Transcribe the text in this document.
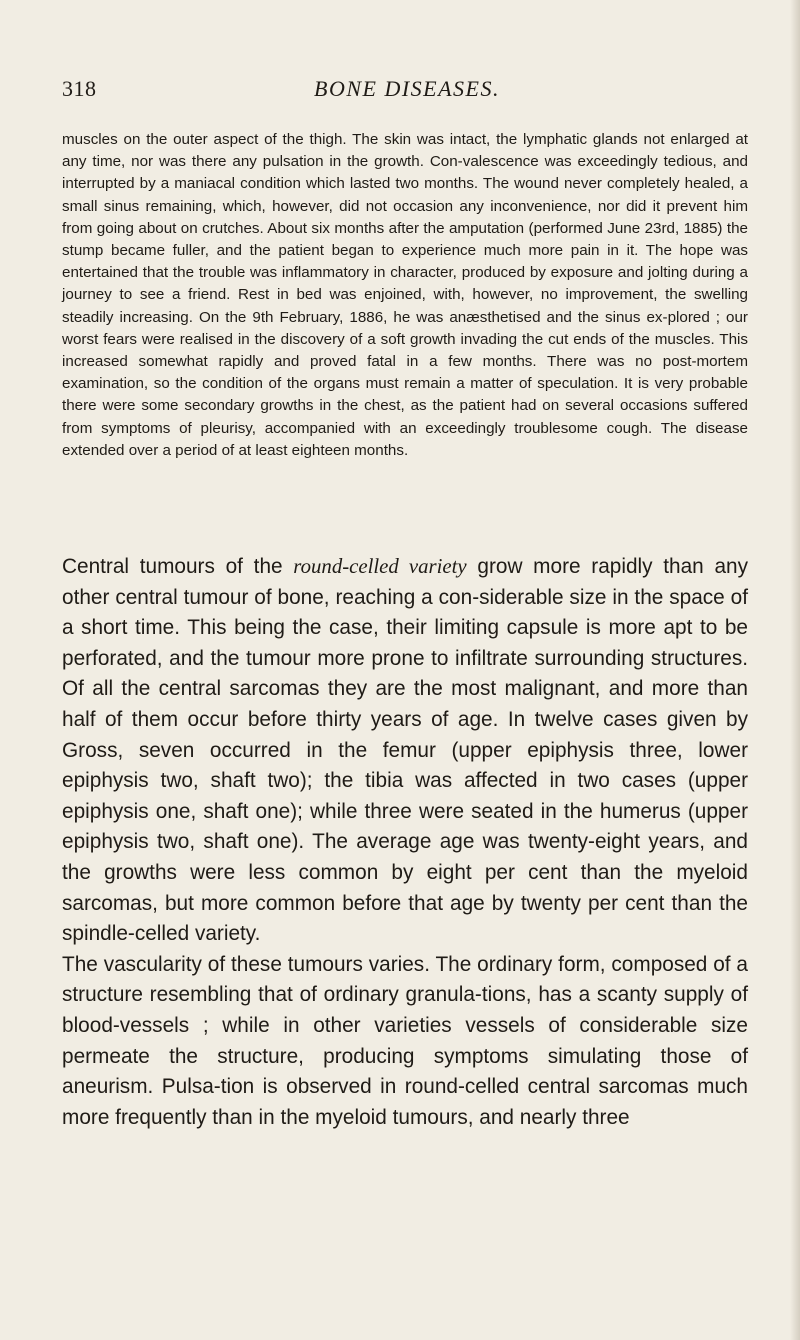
318	BONE DISEASES.

muscles on the outer aspect of the thigh. The skin was intact, the lymphatic glands not enlarged at any time, nor was there any pulsation in the growth. Con-valescence was exceedingly tedious, and interrupted by a maniacal condition which lasted two months. The wound never completely healed, a small sinus remaining, which, however, did not occasion any inconvenience, nor did it prevent him from going about on crutches. About six months after the amputation (performed June 23rd, 1885) the stump became fuller, and the patient began to experience much more pain in it. The hope was entertained that the trouble was inflammatory in character, produced by exposure and jolting during a journey to see a friend. Rest in bed was enjoined, with, however, no improvement, the swelling steadily increasing. On the 9th February, 1886, he was anæsthetised and the sinus ex-plored ; our worst fears were realised in the discovery of a soft growth invading the cut ends of the muscles. This increased somewhat rapidly and proved fatal in a few months. There was no post-mortem examination, so the condition of the organs must remain a matter of speculation. It is very probable there were some secondary growths in the chest, as the patient had on several occasions suffered from symptoms of pleurisy, accompanied with an exceedingly troublesome cough. The disease extended over a period of at least eighteen months.

Central tumours of the round-celled variety grow more rapidly than any other central tumour of bone, reaching a con-siderable size in the space of a short time. This being the case, their limiting capsule is more apt to be perforated, and the tumour more prone to infiltrate surrounding structures. Of all the central sarcomas they are the most malignant, and more than half of them occur before thirty years of age. In twelve cases given by Gross, seven occurred in the femur (upper epiphysis three, lower epiphysis two, shaft two); the tibia was affected in two cases (upper epiphysis one, shaft one); while three were seated in the humerus (upper epiphysis two, shaft one). The average age was twenty-eight years, and the growths were less common by eight per cent than the myeloid sarcomas, but more common before that age by twenty per cent than the spindle-celled variety.
The vascularity of these tumours varies. The ordinary form, composed of a structure resembling that of ordinary granula-tions, has a scanty supply of blood-vessels ; while in other varieties vessels of considerable size permeate the structure, producing symptoms simulating those of aneurism. Pulsa-tion is observed in round-celled central sarcomas much more frequently than in the myeloid tumours, and nearly three
